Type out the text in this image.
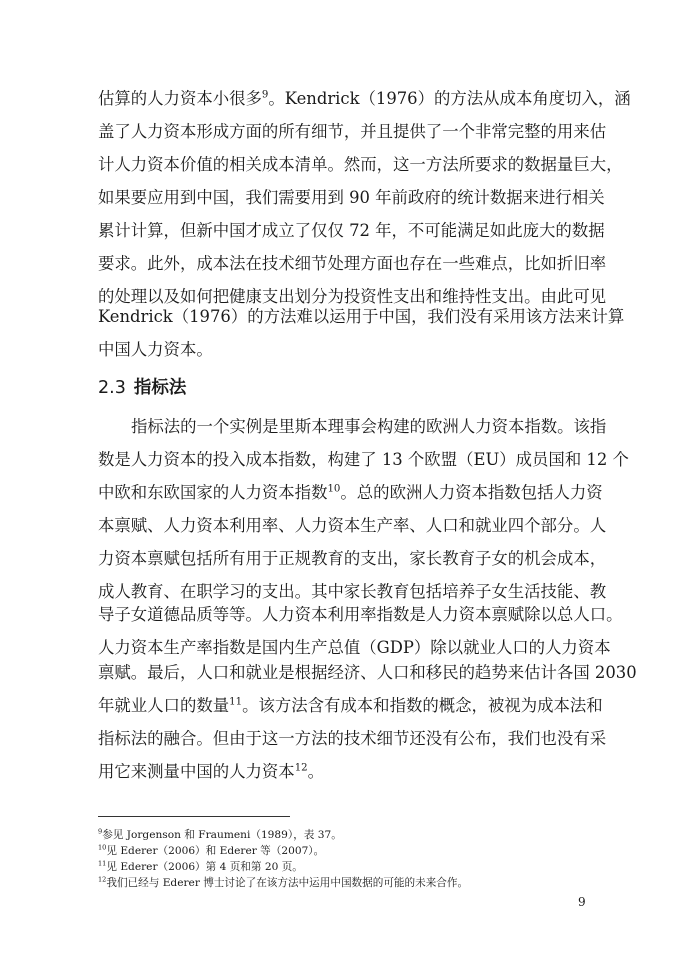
估算的人力资本小很多$^9$。Kendrick（1976）的方法从成本角度切入，涵
盖了人力资本形成方面的所有细节，并且提供了一个非常完整的用来估
计人力资本价值的相关成本清单。然而，这一方法所要求的数据量巨大，
如果要应用到中国，我们需要用到 90 年前政府的统计数据来进行相关
累计计算，但新中国才成立了仅仅 72 年，不可能满足如此庞大的数据
要求。此外，成本法在技术细节处理方面也存在一些难点，比如折旧率
的处理以及如何把健康支出划分为投资性支出和维持性支出。由此可见
Kendrick（1976）的方法难以运用于中国，我们没有采用该方法来计算
中国人力资本。
2.3 指标法
指标法的一个实例是里斯本理事会构建的欧洲人力资本指数。该指
数是人力资本的投入成本指数，构建了 13 个欧盟（EU）成员国和 12 个
中欧和东欧国家的人力资本指数$^{10}$。总的欧洲人力资本指数包括人力资
本禀赋、人力资本利用率、人力资本生产率、人口和就业四个部分。人
力资本禀赋包括所有用于正规教育的支出，家长教育子女的机会成本，
成人教育、在职学习的支出。其中家长教育包括培养子女生活技能、教
导子女道德品质等等。人力资本利用率指数是人力资本禀赋除以总人口。
人力资本生产率指数是国内生产总值（GDP）除以就业人口的人力资本
禀赋。最后，人口和就业是根据经济、人口和移民的趋势来估计各国 2030
年就业人口的数量$^{11}$。该方法含有成本和指数的概念，被视为成本法和
指标法的融合。但由于这一方法的技术细节还没有公布，我们也没有采
用它来测量中国的人力资本$^{12}$。
$^9$参见 Jorgenson 和 Fraumeni（1989），表 37。
$^{10}$见 Ederer（2006）和 Ederer 等（2007）。
$^{11}$见 Ederer（2006）第 4 页和第 20 页。
$^{12}$我们已经与 Ederer 博士讨论了在该方法中运用中国数据的可能的未来合作。
9
